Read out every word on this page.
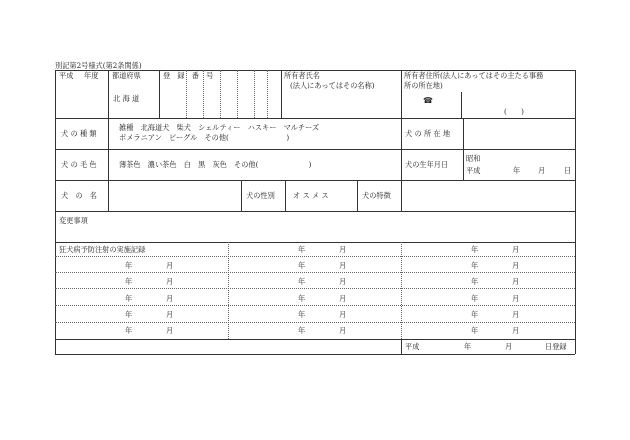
別記第2号様式(第2条関係)
平成 年度 都道府県
北 海 道
登　録　番　号	所有者氏名
(法人にあってはその名称)
所有者住所(法人にあってはその主たる事務
所の所在地)
☎
(　　)
犬 の 種 類
雑種　北海道犬　柴犬　シェルティー　ハスキー　マルチーズ
ポメラニアン　ビーグル　その他(　　　　　　　　)	犬 の 所 在 地
犬 の 毛 色	薄茶色　濃い茶色　白　黒　灰色　その他(　　　　　　　)	犬の生年月日
昭和
平成	年 月	日
犬　の　名	犬の性別	オ ス メ ス	犬の特徴
変更事項
狂犬病予防注射の実施記録	年	月	年	月
年	月	年	月	年	月
年	月	年	月	年	月
年	月	年	月	年	月
年	月	年	月	年	月
年	月	年	月	年	月
平成	年	月	日登録
